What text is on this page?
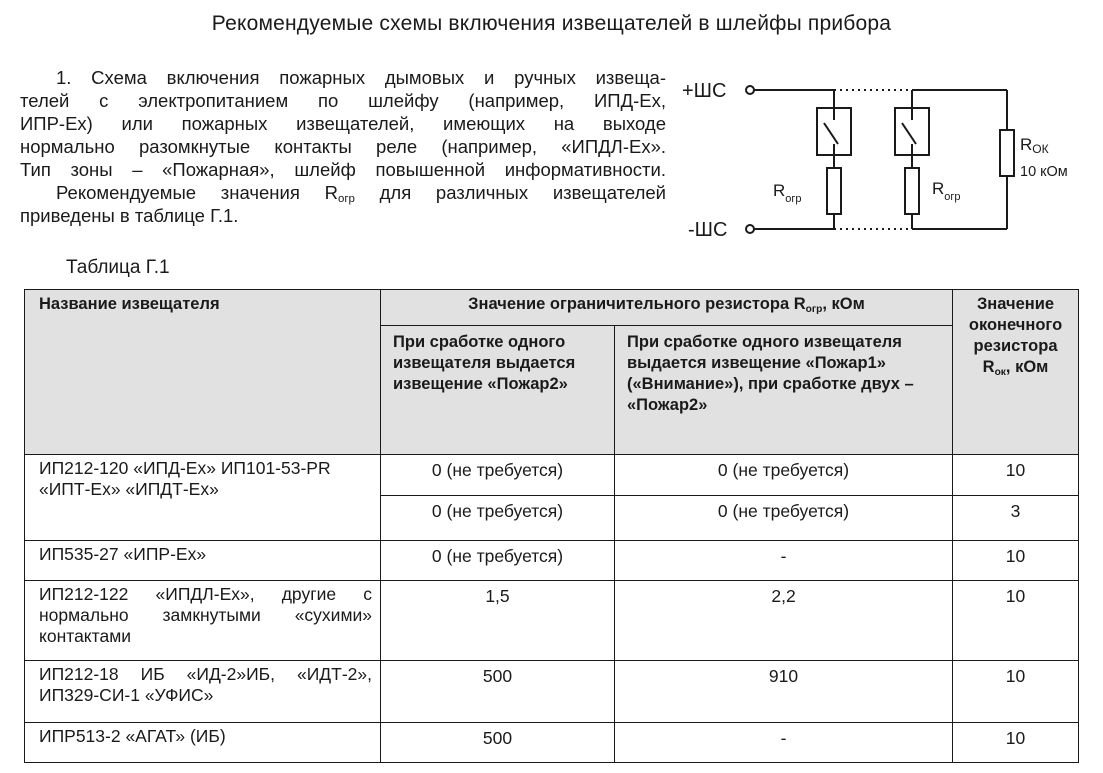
Рекомендуемые схемы включения извещателей в шлейфы прибора
1. Схема включения пожарных дымовых и ручных извеща-
телей с электропитанием по шлейфу (например, ИПД-Ех,
ИПР-Ех) или пожарных извещателей, имеющих на выходе
нормально разомкнутые контакты реле (например, «ИПДЛ-Ех».
Тип зоны – «Пожарная», шлейф повышенной информативности.
Рекомендуемые значения $R_{огр}$ для различных извещателей
приведены в таблице Г.1.
+ШС
-ШС
$R_{огр}$
$R_{огр}$
RОК
10 кОм
Таблица Г.1
Название извещателя	Значение ограничительного резистора $R_{огр}$, кОм		Значение
оконечного
резистора
$R_{ок}$, кОм

	При сработке одного извещателя выдается извещение «Пожар2»	При сработке одного извещателя выдается извещение «Пожар1» («Внимание»), при сработке двух – «Пожар2»	
ИП212-120 «ИПД-Ех» ИП101-53-PR «ИПТ-Ех» «ИПДТ-Ех»	0 (не требуется)	0 (не требуется)	10
	0 (не требуется)	0 (не требуется)	3
ИП535-27 «ИПР-Ех»	0 (не требуется)	-	10
ИП212-122 «ИПДЛ-Ех», другие с нормально замкнутыми «сухими» контактами	1,5	2,2	10
ИП212-18 ИБ «ИД-2»ИБ, «ИДТ-2», ИП329-СИ-1 «УФИС»	500	910	10
ИПР513-2 «АГАТ» (ИБ)	500	-	10
